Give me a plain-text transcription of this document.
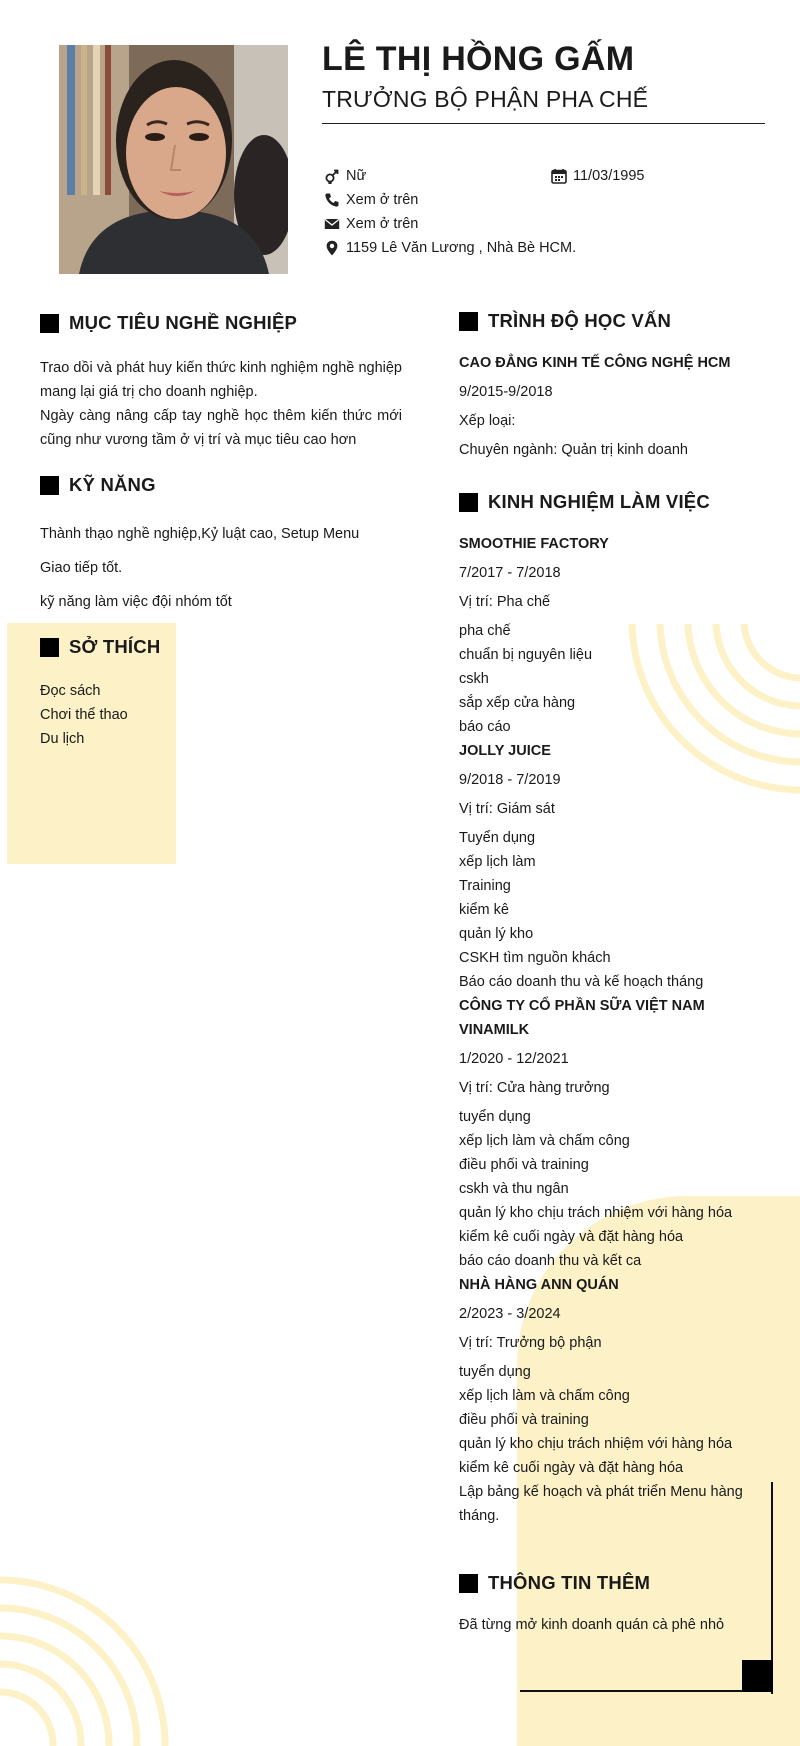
LÊ THỊ HỒNG GẤM
TRƯỞNG BỘ PHẬN PHA CHẾ
Nữ	11/03/1995
Xem ở trên
Xem ở trên
1159 Lê Văn Lương , Nhà Bè HCM.
MỤC TIÊU NGHỀ NGHIỆP
Trao dồi và phát huy kiến thức kinh nghiệm nghề nghiệp mang lại giá trị cho doanh nghiệp.
Ngày càng nâng cấp tay nghề học thêm kiến thức mới cũng như vương tầm ở vị trí và mục tiêu cao hơn
KỸ NĂNG
Thành thạo nghề nghiệp,Kỷ luật cao, Setup Menu
Giao tiếp tốt.
kỹ năng làm việc đội nhóm tốt
SỞ THÍCH
Đọc sách
Chơi thể thao
Du lịch
TRÌNH ĐỘ HỌC VẤN
CAO ĐẲNG KINH TẾ CÔNG NGHỆ HCM
9/2015-9/2018
Xếp loại:
Chuyên ngành: Quản trị kinh doanh
KINH NGHIỆM LÀM VIỆC
SMOOTHIE FACTORY
7/2017 - 7/2018
Vị trí: Pha chế
pha chế
chuẩn bị nguyên liệu
cskh
sắp xếp cửa hàng
báo cáo
JOLLY JUICE
9/2018 - 7/2019
Vị trí: Giám sát
Tuyển dụng
xếp lịch làm
Training
kiểm kê
quản lý kho
CSKH tìm nguồn khách
Báo cáo doanh thu và kế hoạch tháng
CÔNG TY CỔ PHẦN SỮA VIỆT NAM
VINAMILK
1/2020 - 12/2021
Vị trí: Cửa hàng trưởng
tuyển dụng
xếp lịch làm và chấm công
điều phối và training
cskh và thu ngân
quản lý kho chịu trách nhiệm với hàng hóa
kiểm kê cuối ngày và đặt hàng hóa
báo cáo doanh thu và kết ca
NHÀ HÀNG ANN QUÁN
2/2023 - 3/2024
Vị trí: Trưởng bộ phận
tuyển dụng
xếp lịch làm và chấm công
điều phối và training
quản lý kho chịu trách nhiệm với hàng hóa
kiểm kê cuối ngày và đặt hàng hóa
Lập bảng kế hoạch và phát triển Menu hàng
tháng.
THÔNG TIN THÊM
Đã từng mở kinh doanh quán cà phê nhỏ
